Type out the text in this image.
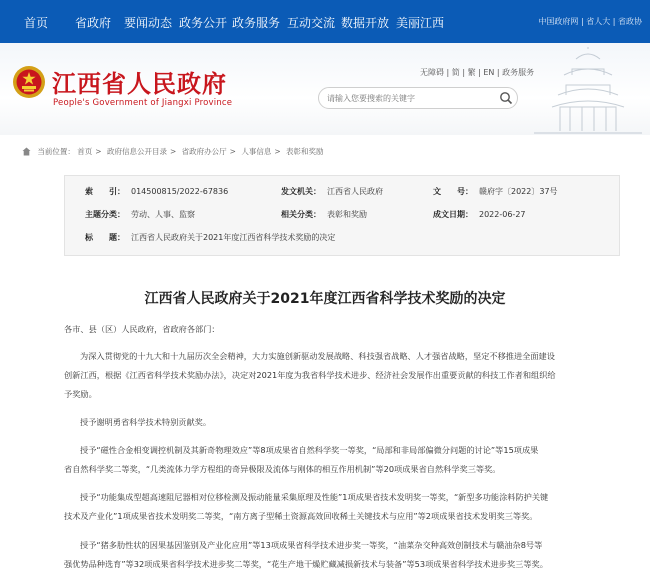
首页 省政府 要闻动态 政务公开 政务服务 互动交流 数据开放 美丽江西	中国政府网 | 省人大 | 省政协
江西省人民政府
People's Government of Jiangxi Province
无障碍 | 简 | 繁 | EN | 政务服务
请输入您要搜索的关键字
当前位置： 首页 > 政府信息公开目录 > 省政府办公厅 > 人事信息 > 表彰和奖励
索　　引： 014500815/2022-67836	发文机关： 江西省人民政府	文　　号： 赣府字〔2022〕37号
主题分类： 劳动、人事、监察	相关分类： 表彰和奖励	成文日期： 2022-06-27
标　　题： 江西省人民政府关于2021年度江西省科学技术奖励的决定
江西省人民政府关于2021年度江西省科学技术奖励的决定
各市、县（区）人民政府，省政府各部门：
为深入贯彻党的十九大和十九届历次全会精神，大力实施创新驱动发展战略、科技强省战略、人才强省战略，坚定不移推进全面建设
创新江西，根据《江西省科学技术奖励办法》，决定对2021年度为我省科学技术进步、经济社会发展作出重要贡献的科技工作者和组织给
予奖励。
授予谢明勇省科学技术特别贡献奖。
授予“磁性合金相变调控机制及其新奇物理效应”等8项成果省自然科学奖一等奖，“局部和非局部偏微分问题的讨论”等15项成果
省自然科学奖二等奖，“几类流体力学方程组的奇异极限及流体与刚体的相互作用机制”等20项成果省自然科学奖三等奖。
授予“功能集成型超高速阻尼器相对位移检测及振动能量采集原理及性能”1项成果省技术发明奖一等奖，“新型多功能涂料防护关键
技术及产业化”1项成果省技术发明奖二等奖，“南方离子型稀土资源高效回收稀土关键技术与应用”等2项成果省技术发明奖三等奖。
授予“猪多肋性状的因果基因鉴别及产业化应用”等13项成果省科学技术进步奖一等奖，“油菜杂交种高效创制技术与赣油杂8号等
强优势品种选育”等32项成果省科学技术进步奖二等奖，“花生产地干燥贮藏减损新技术与装备”等53项成果省科学技术进步奖三等奖。
